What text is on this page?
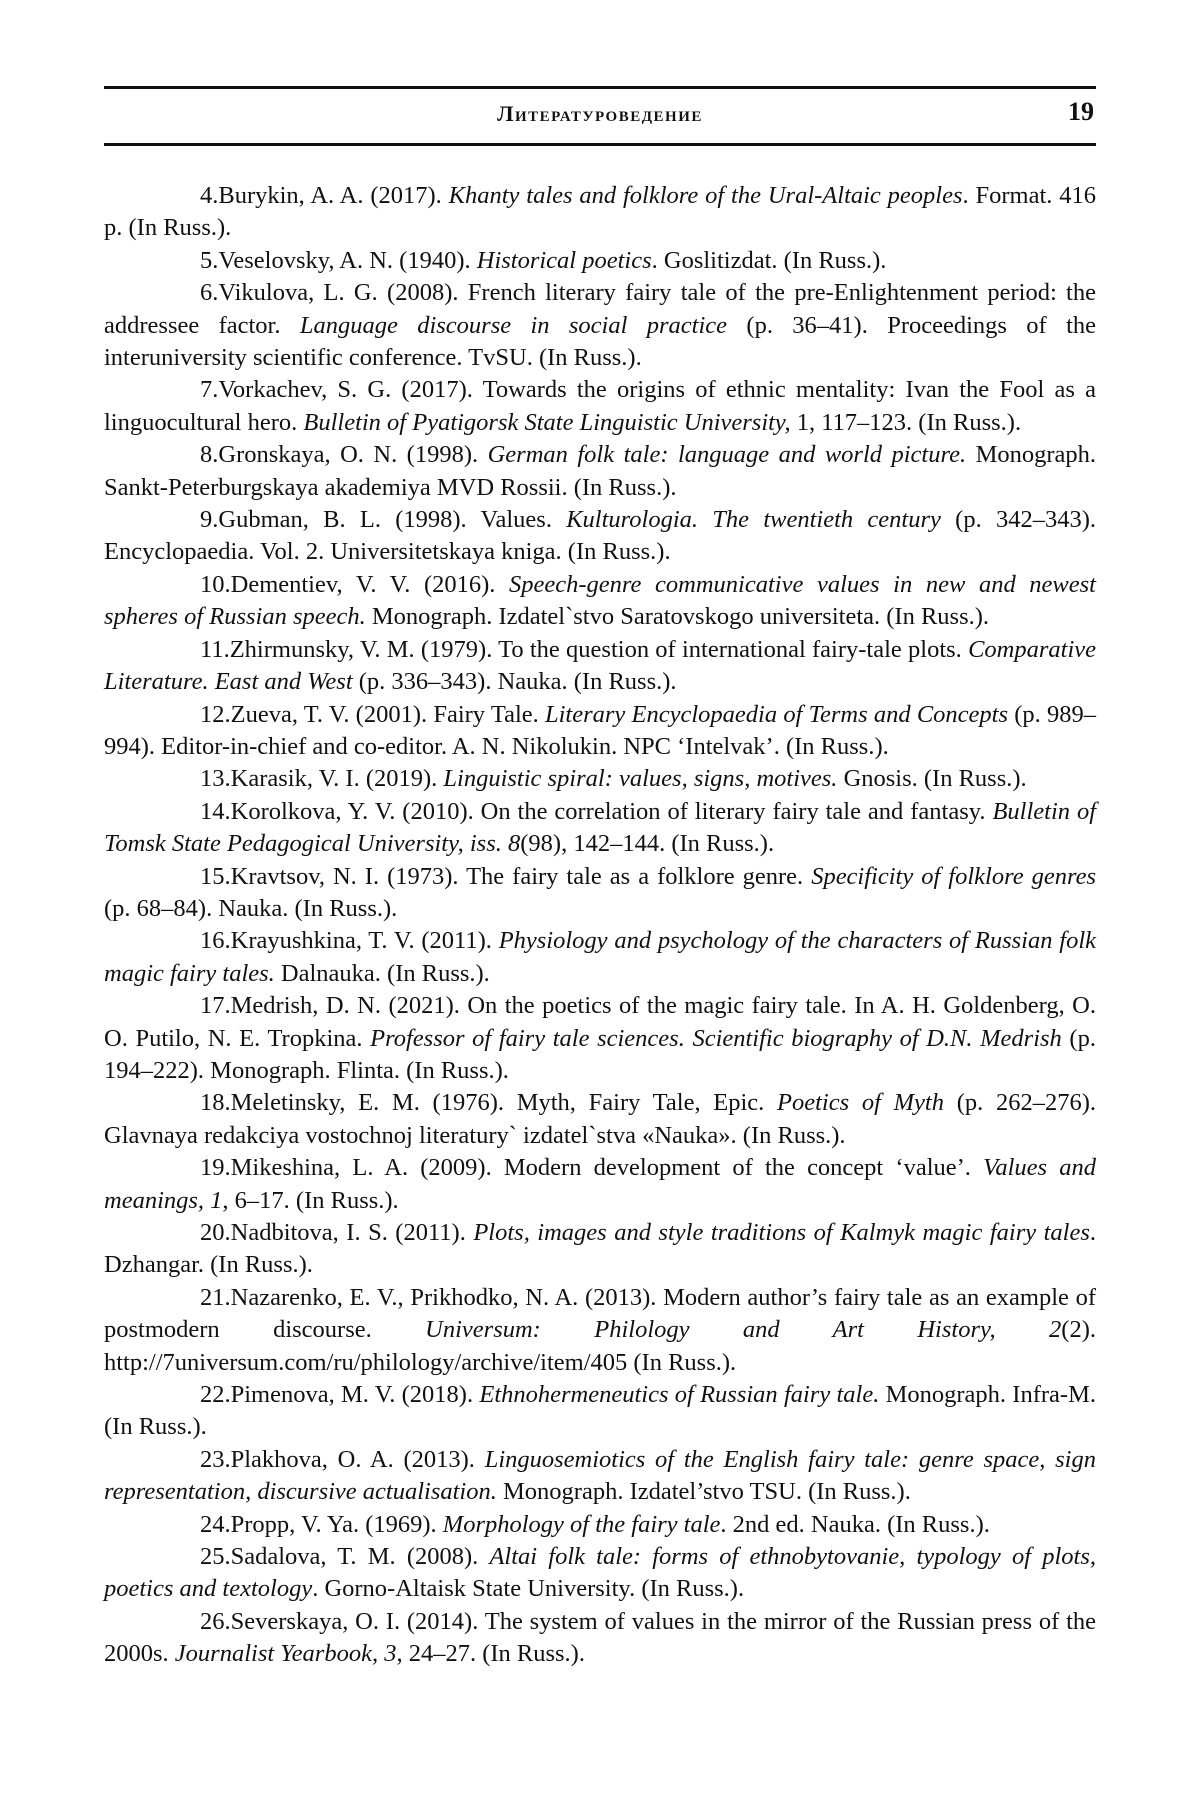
Литературоведение	19

4.Burykin, A. A. (2017). Khanty tales and folklore of the Ural-Altaic peoples. Format. 416 p. (In Russ.).

5.Veselovsky, A. N. (1940). Historical poetics. Goslitizdat. (In Russ.).

6.Vikulova, L. G. (2008). French literary fairy tale of the pre-Enlightenment period: the addressee factor. Language discourse in social practice (p. 36–41). Proceedings of the interuniversity scientific conference. TvSU. (In Russ.).

7.Vorkachev, S. G. (2017). Towards the origins of ethnic mentality: Ivan the Fool as a linguocultural hero. Bulletin of Pyatigorsk State Linguistic University, 1, 117–123. (In Russ.).

8.Gronskaya, O. N. (1998). German folk tale: language and world picture. Monograph. Sankt-Peterburgskaya akademiya MVD Rossii. (In Russ.).

9.Gubman, B. L. (1998). Values. Kulturologia. The twentieth century (p. 342–343). Encyclopaedia. Vol. 2. Universitetskaya kniga. (In Russ.).

10.Dementiev, V. V. (2016). Speech-genre communicative values in new and newest spheres of Russian speech. Monograph. Izdatel`stvo Saratovskogo universiteta. (In Russ.).

11.Zhirmunsky, V. M. (1979). To the question of international fairy-tale plots. Comparative Literature. East and West (p. 336–343). Nauka. (In Russ.).

12.Zueva, T. V. (2001). Fairy Tale. Literary Encyclopaedia of Terms and Concepts (p. 989–994). Editor-in-chief and co-editor. A. N. Nikolukin. NPC ‘Intelvak’. (In Russ.).

13.Karasik, V. I. (2019). Linguistic spiral: values, signs, motives. Gnosis. (In Russ.).

14.Korolkova, Y. V. (2010). On the correlation of literary fairy tale and fantasy. Bulletin of Tomsk State Pedagogical University, iss. 8(98), 142–144. (In Russ.).

15.Kravtsov, N. I. (1973). The fairy tale as a folklore genre. Specificity of folklore genres (p. 68–84). Nauka. (In Russ.).

16.Krayushkina, T. V. (2011). Physiology and psychology of the characters of Russian folk magic fairy tales. Dalnauka. (In Russ.).

17.Medrish, D. N. (2021). On the poetics of the magic fairy tale. In A. H. Goldenberg, O. O. Putilo, N. E. Tropkina. Professor of fairy tale sciences. Scientific biography of D.N. Medrish (p. 194–222). Monograph. Flinta. (In Russ.).

18.Meletinsky, E. M. (1976). Myth, Fairy Tale, Epic. Poetics of Myth (p. 262–276). Glavnaya redakciya vostochnoj literatury` izdatel`stva «Nauka». (In Russ.).

19.Mikeshina, L. A. (2009). Modern development of the concept ‘value’. Values and meanings, 1, 6–17. (In Russ.).

20.Nadbitova, I. S. (2011). Plots, images and style traditions of Kalmyk magic fairy tales. Dzhangar. (In Russ.).

21.Nazarenko, E. V., Prikhodko, N. A. (2013). Modern author’s fairy tale as an example of postmodern discourse. Universum: Philology and Art History, 2(2). http://7universum.com/ru/philology/archive/item/405 (In Russ.).

22.Pimenova, M. V. (2018). Ethnohermeneutics of Russian fairy tale. Monograph. Infra-M. (In Russ.).

23.Plakhova, O. A. (2013). Linguosemiotics of the English fairy tale: genre space, sign representation, discursive actualisation. Monograph. Izdatel’stvo TSU. (In Russ.).

24.Propp, V. Ya. (1969). Morphology of the fairy tale. 2nd ed. Nauka. (In Russ.).

25.Sadalova, T. M. (2008). Altai folk tale: forms of ethnobytovanie, typology of plots, poetics and textology. Gorno-Altaisk State University. (In Russ.).

26.Severskaya, O. I. (2014). The system of values in the mirror of the Russian press of the 2000s. Journalist Yearbook, 3, 24–27. (In Russ.).
